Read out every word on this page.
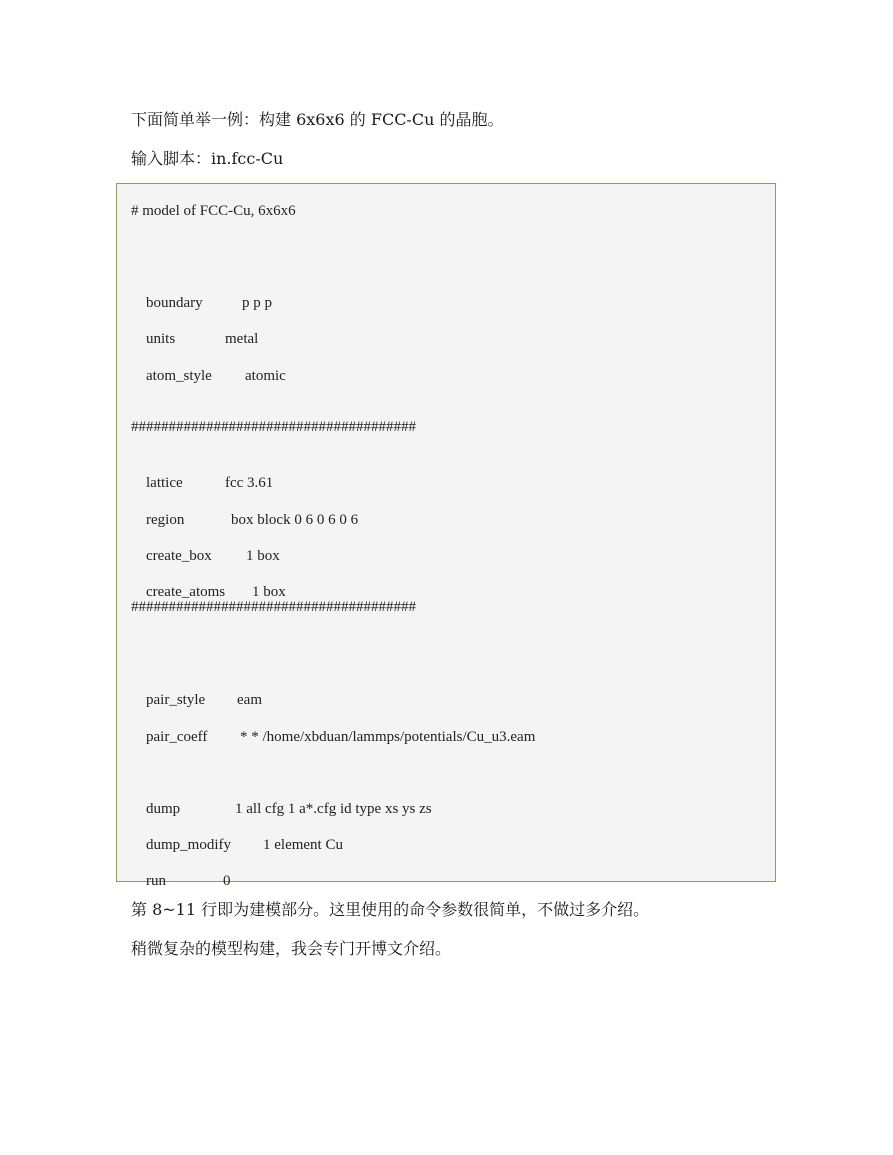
下面简单举一例：构建 6x6x6 的 FCC-Cu 的晶胞。

输入脚本：in.fcc-Cu

# model of FCC-Cu, 6x6x6

boundary	p p p

units	metal

atom_style atomic

######################################

lattice	fcc 3.61

region	box block 0 6 0 6 0 6

create_box 1 box

create_atoms 1 box

######################################

pair_style eam

pair_coeff * * /home/xbduan/lammps/potentials/Cu_u3.eam

dump	1 all cfg 1 a*.cfg id type xs ys zs

dump_modify 1 element Cu

run	0

第 8~11 行即为建模部分。这里使用的命令参数很简单，不做过多介绍。

稍微复杂的模型构建，我会专门开博文介绍。
